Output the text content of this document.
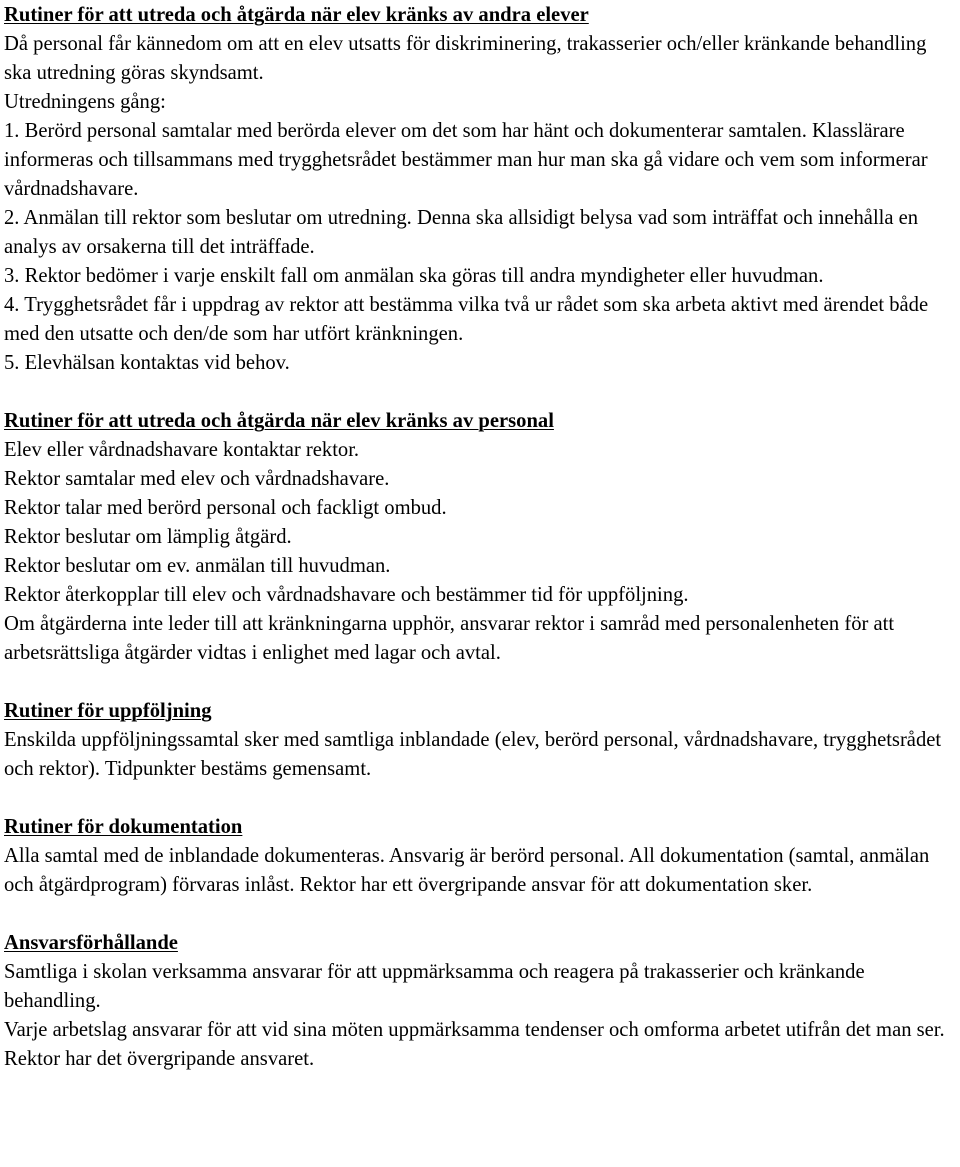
Rutiner för att utreda och åtgärda när elev kränks av andra elever
Då personal får kännedom om att en elev utsatts för diskriminering, trakasserier och/eller kränkande behandling ska utredning göras skyndsamt.
Utredningens gång:
1. Berörd personal samtalar med berörda elever om det som har hänt och dokumenterar samtalen. Klasslärare informeras och tillsammans med trygghetsrådet bestämmer man hur man ska gå vidare och vem som informerar vårdnadshavare.
2. Anmälan till rektor som beslutar om utredning. Denna ska allsidigt belysa vad som inträffat och innehålla en analys av orsakerna till det inträffade.
3. Rektor bedömer i varje enskilt fall om anmälan ska göras till andra myndigheter eller huvudman.
4. Trygghetsrådet får i uppdrag av rektor att bestämma vilka två ur rådet som ska arbeta aktivt med ärendet både med den utsatte och den/de som har utfört kränkningen.
5. Elevhälsan kontaktas vid behov.
Rutiner för att utreda och åtgärda när elev kränks av personal
Elev eller vårdnadshavare kontaktar rektor.
Rektor samtalar med elev och vårdnadshavare.
Rektor talar med berörd personal och fackligt ombud.
Rektor beslutar om lämplig åtgärd.
Rektor beslutar om ev. anmälan till huvudman.
Rektor återkopplar till elev och vårdnadshavare och bestämmer tid för uppföljning.
Om åtgärderna inte leder till att kränkningarna upphör, ansvarar rektor i samråd med personalenheten för att arbetsrättsliga åtgärder vidtas i enlighet med lagar och avtal.
Rutiner för uppföljning
Enskilda uppföljningssamtal sker med samtliga inblandade (elev, berörd personal, vårdnadshavare, trygghetsrådet och rektor). Tidpunkter bestäms gemensamt.
Rutiner för dokumentation
Alla samtal med de inblandade dokumenteras. Ansvarig är berörd personal. All dokumentation (samtal, anmälan och åtgärdprogram) förvaras inlåst. Rektor har ett övergripande ansvar för att dokumentation sker.
Ansvarsförhållande
Samtliga i skolan verksamma ansvarar för att uppmärksamma och reagera på trakasserier och kränkande behandling.
Varje arbetslag ansvarar för att vid sina möten uppmärksamma tendenser och omforma arbetet utifrån det man ser.
Rektor har det övergripande ansvaret.
